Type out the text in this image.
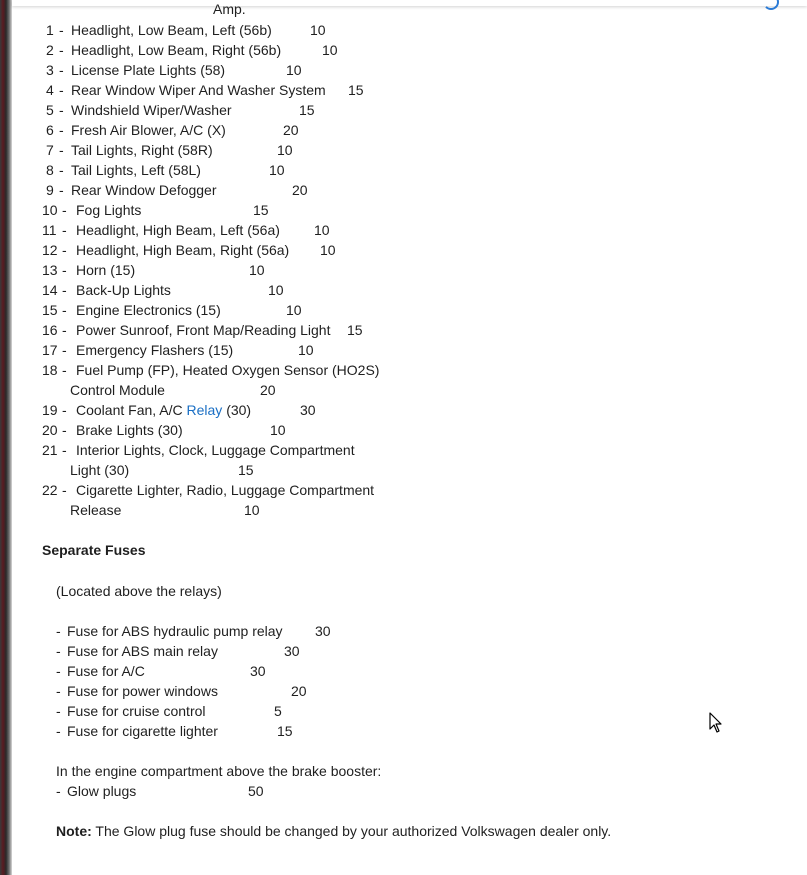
Amp.
1 - Headlight, Low Beam, Left (56b)	10
2 - Headlight, Low Beam, Right (56b)	10
3 - License Plate Lights (58)	10
4 - Rear Window Wiper And Washer System 15
5 - Windshield Wiper/Washer	15
6 - Fresh Air Blower, A/C (X)	20
7 - Tail Lights, Right (58R)	10
8 - Tail Lights, Left (58L)	10
9 - Rear Window Defogger	20
10 - Fog Lights	15
11 - Headlight, High Beam, Left (56a) 10
12 - Headlight, High Beam, Right (56a) 10
13 - Horn (15)	10
14 - Back-Up Lights	10
15 - Engine Electronics (15)	10
16 - Power Sunroof, Front Map/Reading Light 15
17 - Emergency Flashers (15)	10
18 - Fuel Pump (FP), Heated Oxygen Sensor (HO2S)
Control Module	20
19 - Coolant Fan, A/C Relay (30)	30
20 - Brake Lights (30)	10
21 - Interior Lights, Clock, Luggage Compartment
Light (30)	15
22 - Cigarette Lighter, Radio, Luggage Compartment
Release	10
Separate Fuses
(Located above the relays)
- Fuse for ABS hydraulic pump relay 30
- Fuse for ABS main relay	30
- Fuse for A/C	30
- Fuse for power windows	20
- Fuse for cruise control	5
- Fuse for cigarette lighter	15
In the engine compartment above the brake booster:
- Glow plugs	50
Note: The Glow plug fuse should be changed by your authorized Volkswagen dealer only.
